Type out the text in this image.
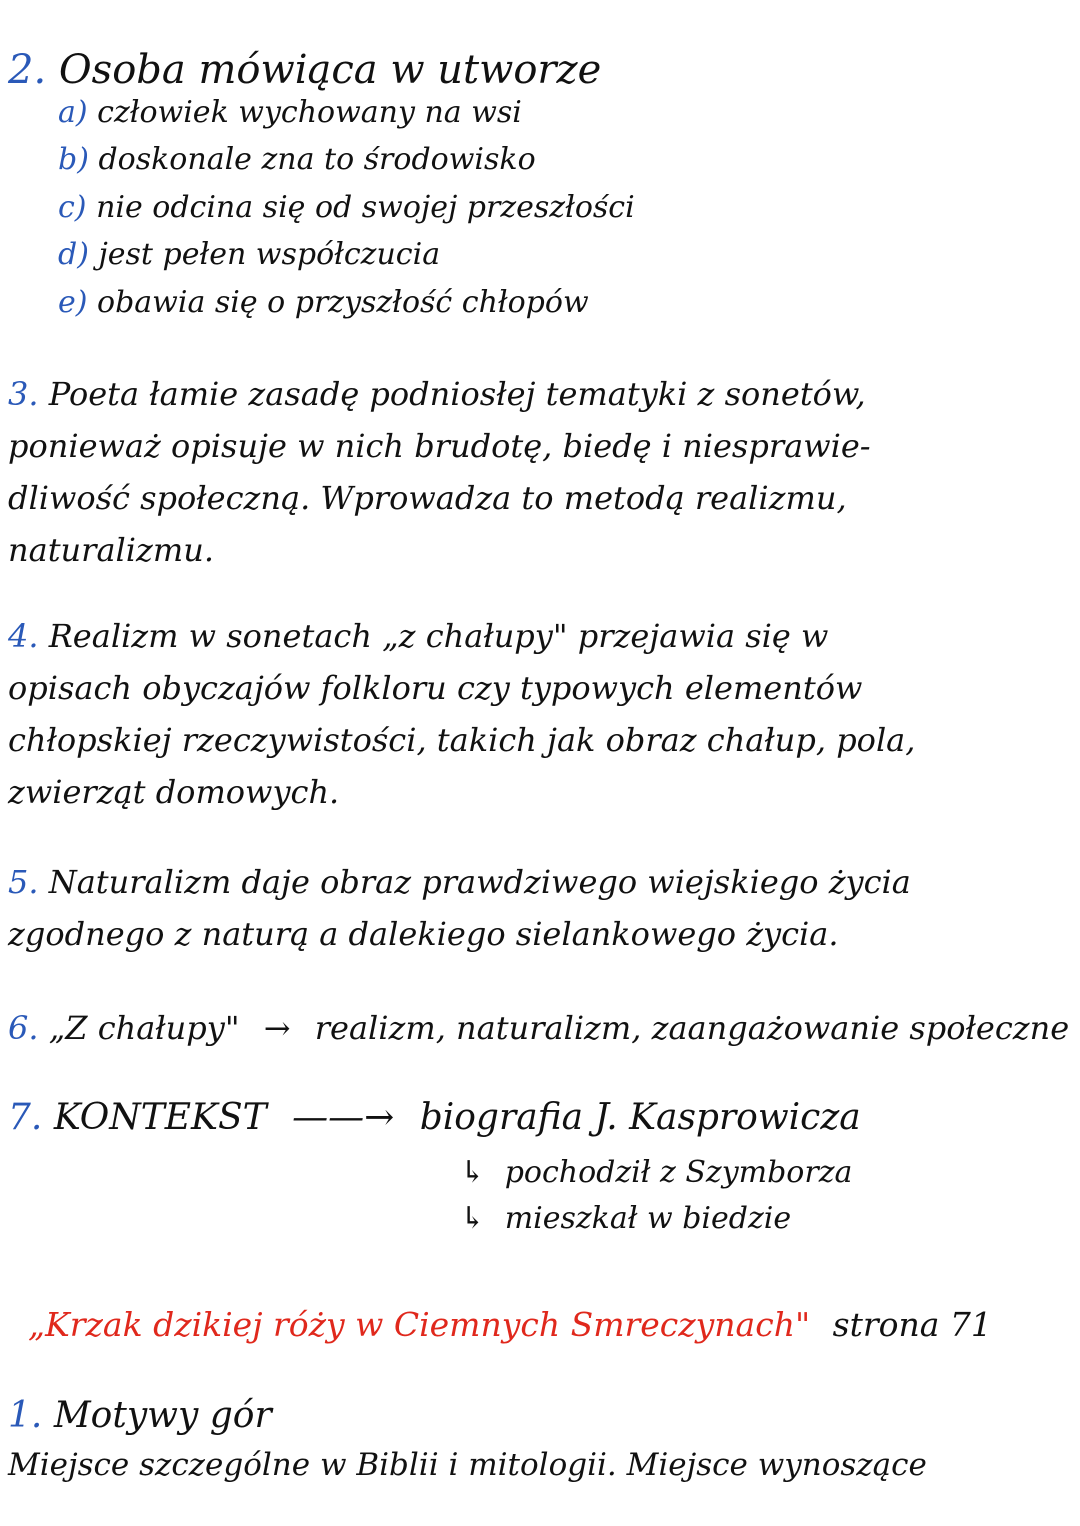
2. Osoba mówiąca w utworze
a) człowiek wychowany na wsi
b) doskonale zna to środowisko
c) nie odcina się od swojej przeszłości
d) jest pełen współczucia
e) obawia się o przyszłość chłopów
3. Poeta łamie zasadę podniosłej tematyki z sonetów,
ponieważ opisuje w nich brudotę, biedę i niesprawie-
dliwość społeczną. Wprowadza to metodą realizmu,
naturalizmu.
4. Realizm w sonetach „z chałupy" przejawia się w
opisach obyczajów folkloru czy typowych elementów
chłopskiej rzeczywistości, takich jak obraz chałup, pola,
zwierząt domowych.
5. Naturalizm daje obraz prawdziwego wiejskiego życia
zgodnego z naturą a dalekiego sielankowego życia.
6. „Z chałupy" → realizm, naturalizm, zaangażowanie społeczne
7. KONTEKST ——→ biografia J. Kasprowicza
↳ pochodził z Szymborza
↳ mieszkał w biedzie
„Krzak dzikiej róży w Ciemnych Smreczynach" strona 71
1. Motywy gór
Miejsce szczególne w Biblii i mitologii. Miejsce wynoszące
